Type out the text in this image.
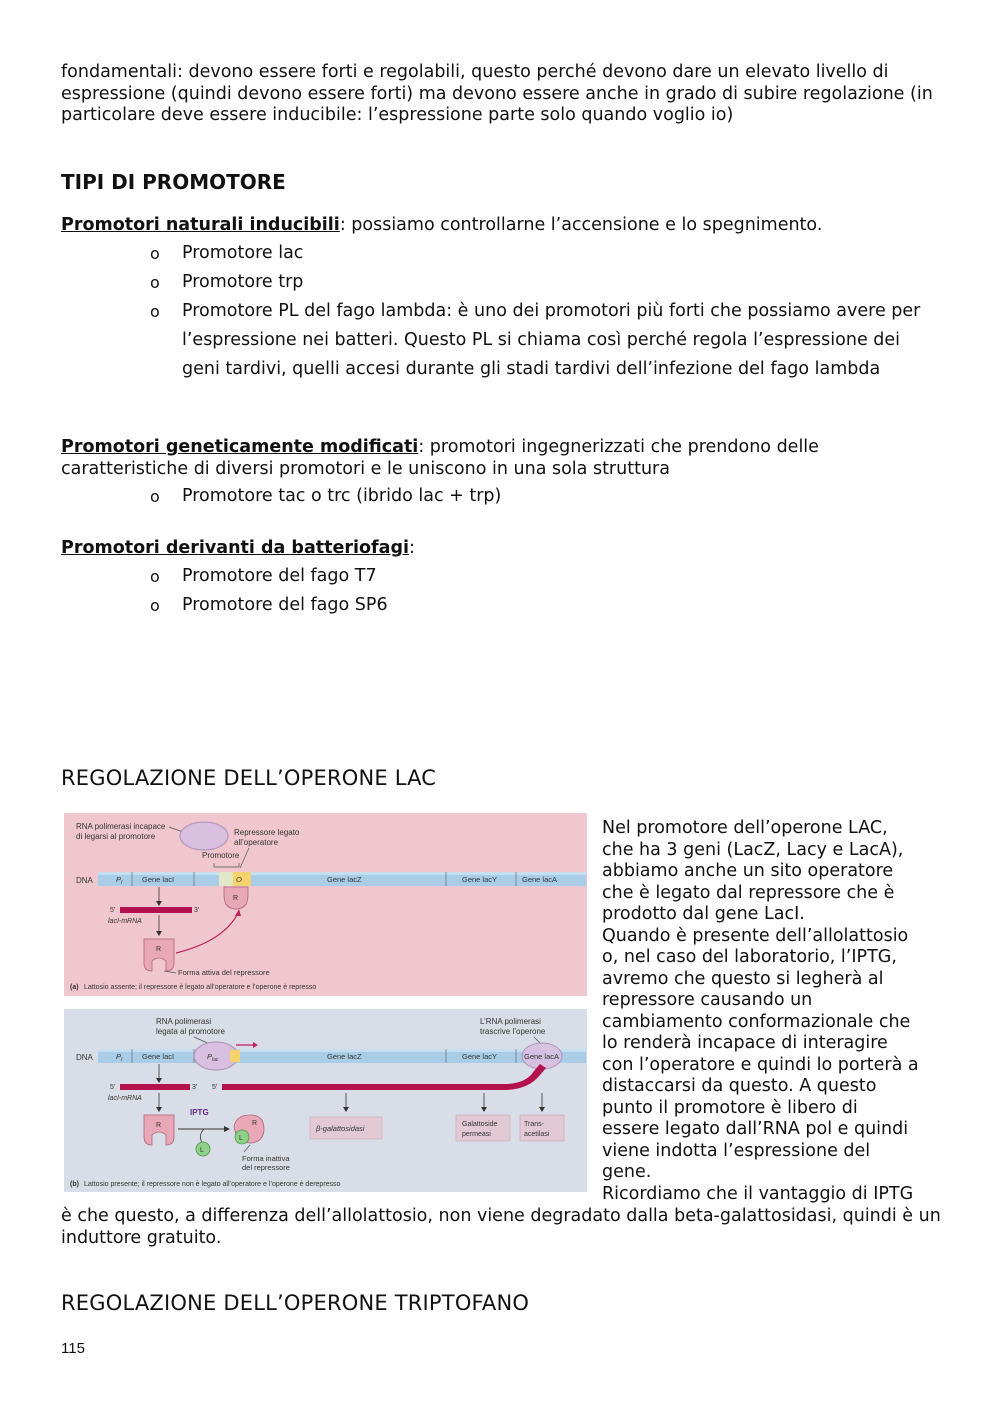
fondamentali: devono essere forti e regolabili, questo perché devono dare un elevato livello di espressione (quindi devono essere forti) ma devono essere anche in grado di subire regolazione (in particolare deve essere inducibile: l’espressione parte solo quando voglio io)

TIPI DI PROMOTORE

Promotori naturali inducibili: possiamo controllarne l’accensione e lo spegnimento.

o Promotore lac
o Promotore trp
o Promotore PL del fago lambda: è uno dei promotori più forti che possiamo avere per l’espressione nei batteri. Questo PL si chiama così perché regola l’espressione dei geni tardivi, quelli accesi durante gli stadi tardivi dell’infezione del fago lambda

Promotori geneticamente modificati: promotori ingegnerizzati che prendono delle caratteristiche di diversi promotori e le uniscono in una sola struttura

o Promotore tac o trc (ibrido lac + trp)

Promotori derivanti da batteriofagi:

o Promotore del fago T7
o Promotore del fago SP6
REGOLAZIONE DELL’OPERONE LAC
RNA polimerasi incapace
di legarsi al promotore	Repressore legato
all’operatore
Promotore
DNA	$P_I$	Gene lacI	O	Gene lacZ	Gene lacY	Gene lacA
R
5′	3′
lacI-mRNA
R
Forma attiva del repressore
(a) Lattosio assente; il repressore è legato all’operatore e l’operone è represso
RNA polimerasi
legata al promotore
L’RNA polimerasi
trascrive l’operone
DNA	$P_I$	Gene lacI	$P_{lac}$	Gene lacZ	Gene lacY	Gene lacA
5′	3′
lacI-mRNA
5′
R
IPTG
L
R
L
Forma inattiva
del repressore
β-galattosidasi	Galattoside
permeasi
Trans-
acetilasi
(b) Lattosio presente; il repressore non è legato all’operatore e l’operone è derepresso

Nel promotore dell’operone LAC,
che ha 3 geni (LacZ, Lacy e LacA),
abbiamo anche un sito operatore
che è legato dal repressore che è
prodotto dal gene LacI.
Quando è presente dell’allolattosio
o, nel caso del laboratorio, l’IPTG,
avremo che questo si legherà al
repressore causando un
cambiamento conformazionale che
lo renderà incapace di interagire
con l’operatore e quindi lo porterà a
distaccarsi da questo. A questo
punto il promotore è libero di
essere legato dall’RNA pol e quindi
viene indotta l’espressione del
gene.
Ricordiamo che il vantaggio di IPTG

è che questo, a differenza dell’allolattosio, non viene degradato dalla beta-galattosidasi, quindi è un induttore gratuito.

REGOLAZIONE DELL’OPERONE TRIPTOFANO
115
